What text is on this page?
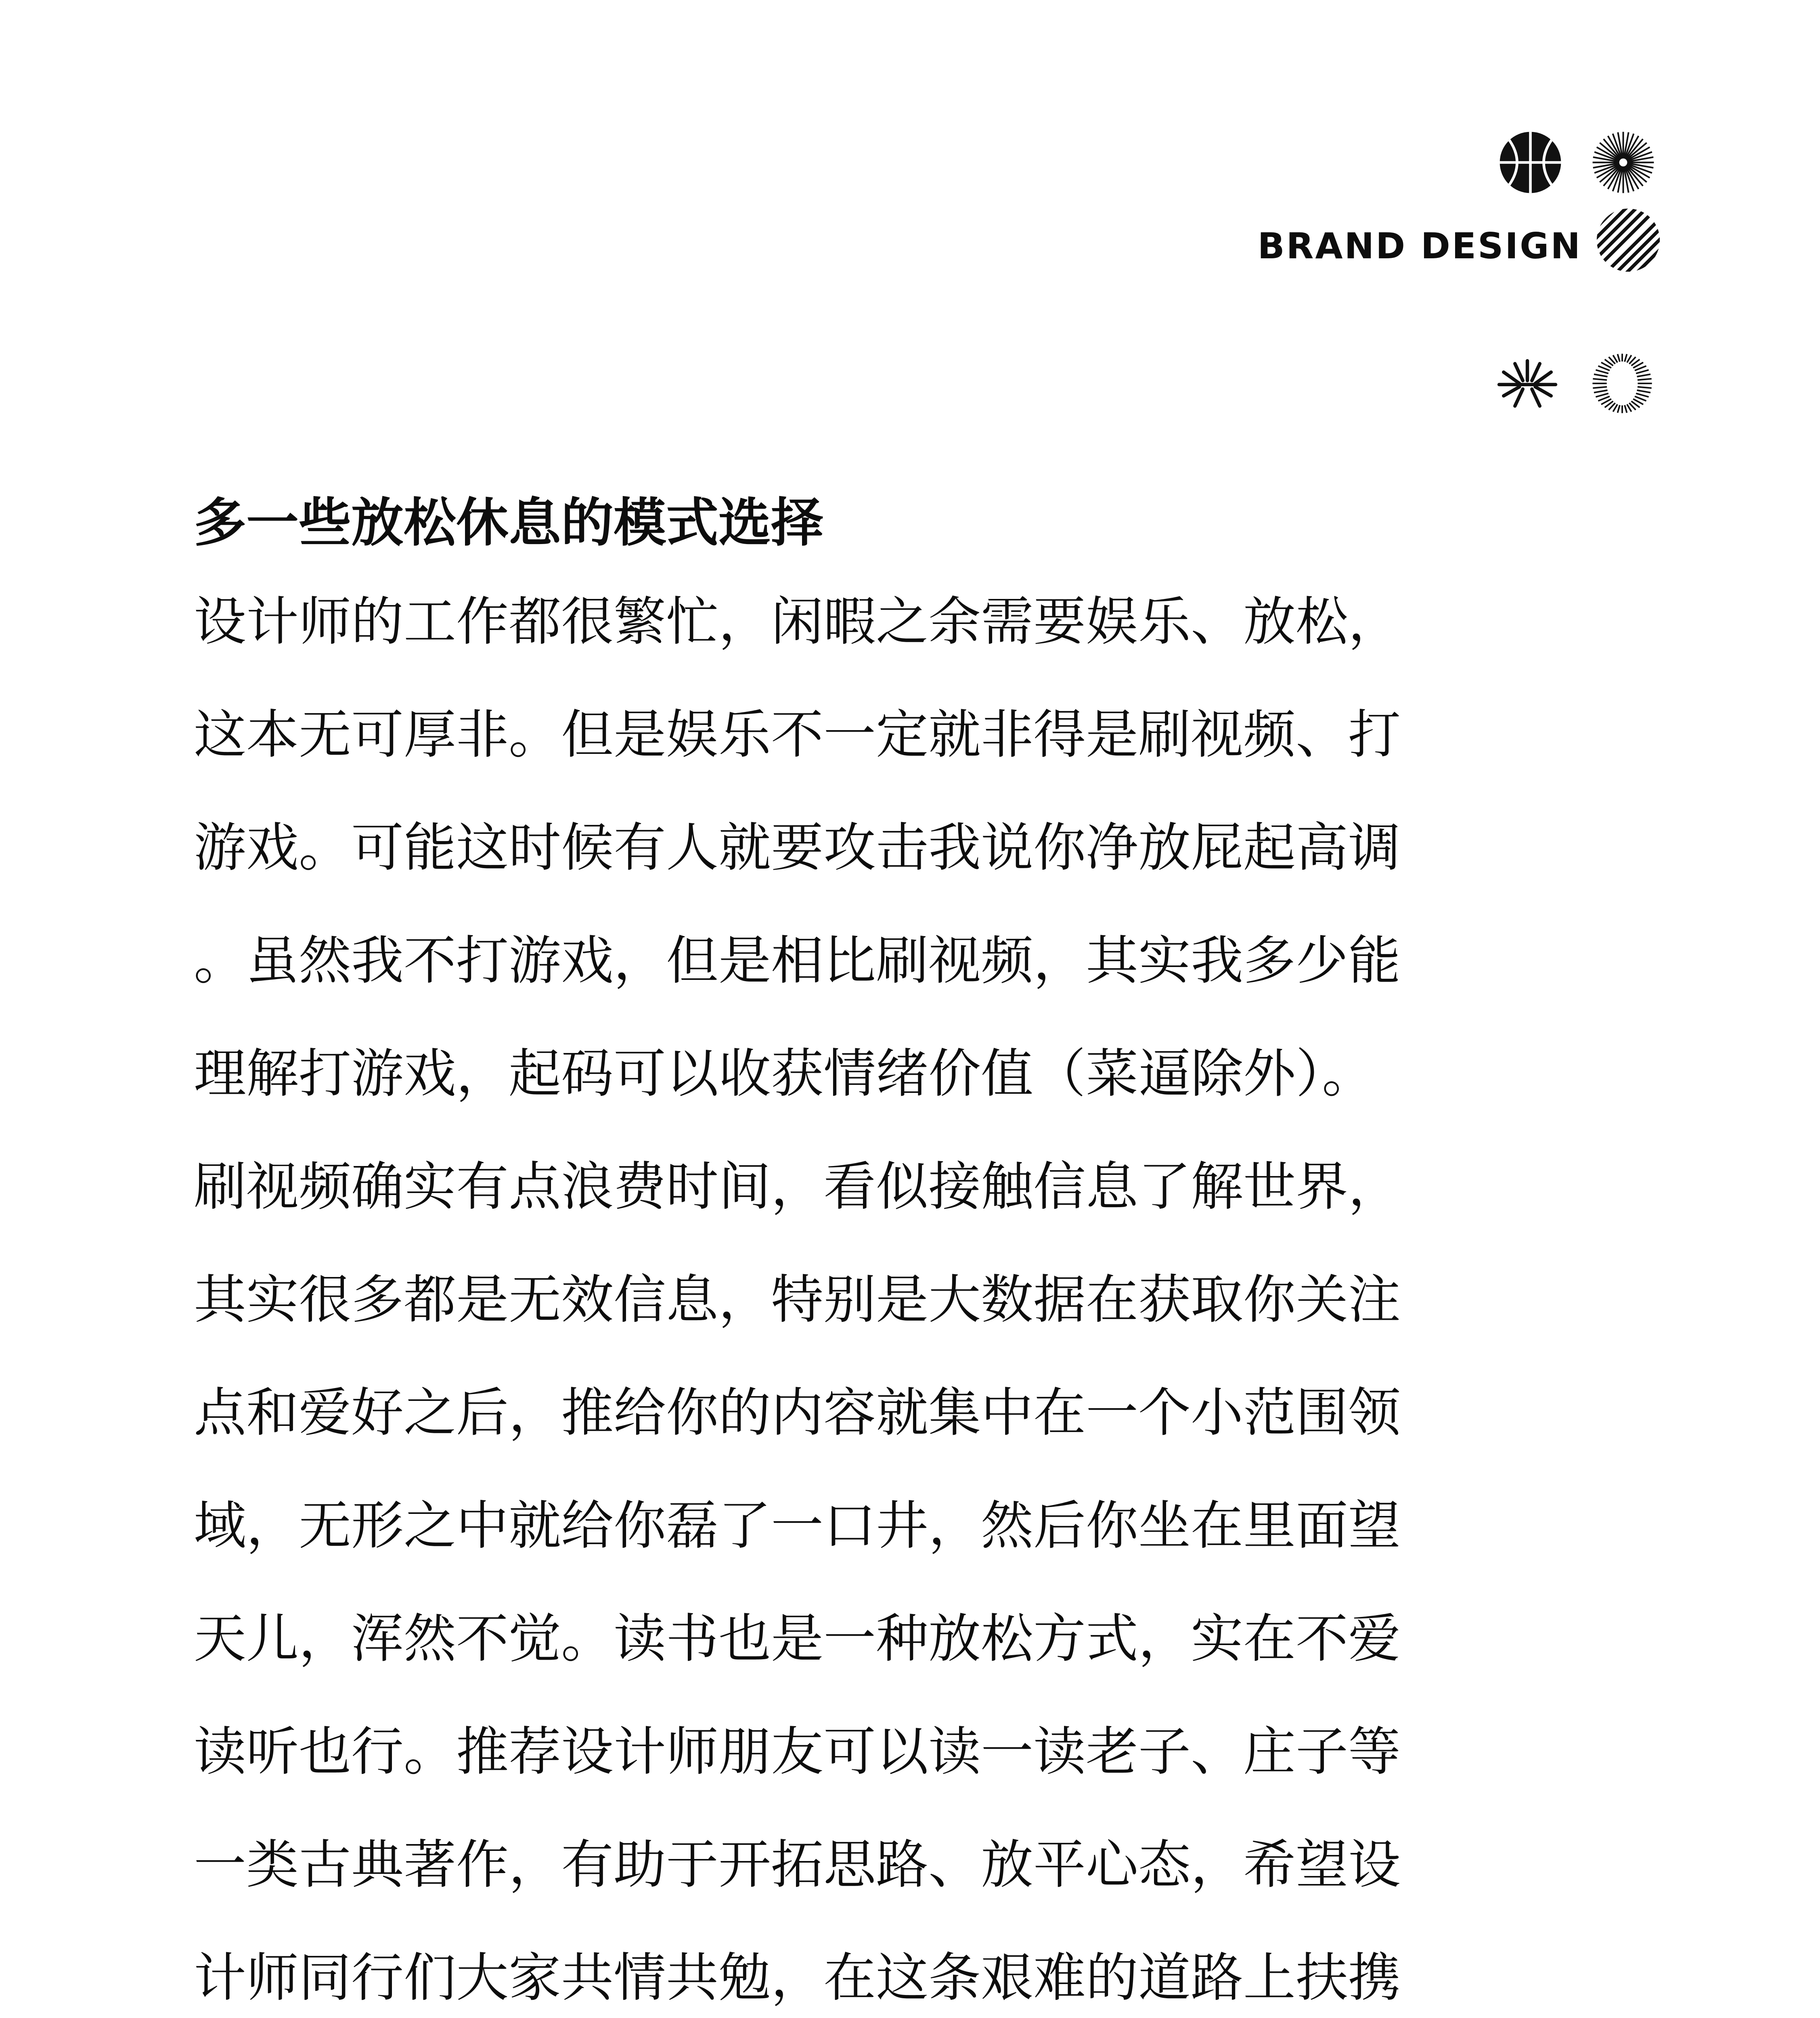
BRAND DESIGN
多一些放松休息的模式选择
设计师的工作都很繁忙，闲暇之余需要娱乐、放松，
这本无可厚非。但是娱乐不一定就非得是刷视频、打
游戏。可能这时候有人就要攻击我说你净放屁起高调
。虽然我不打游戏，但是相比刷视频，其实我多少能
理解打游戏，起码可以收获情绪价值（菜逼除外）。
刷视频确实有点浪费时间，看似接触信息了解世界，
其实很多都是无效信息，特别是大数据在获取你关注
点和爱好之后，推给你的内容就集中在一个小范围领
域，无形之中就给你磊了一口井，然后你坐在里面望
天儿，浑然不觉。读书也是一种放松方式，实在不爱
读听也行。推荐设计师朋友可以读一读老子、庄子等
一类古典著作，有助于开拓思路、放平心态，希望设
计师同行们大家共情共勉，在这条艰难的道路上扶携
